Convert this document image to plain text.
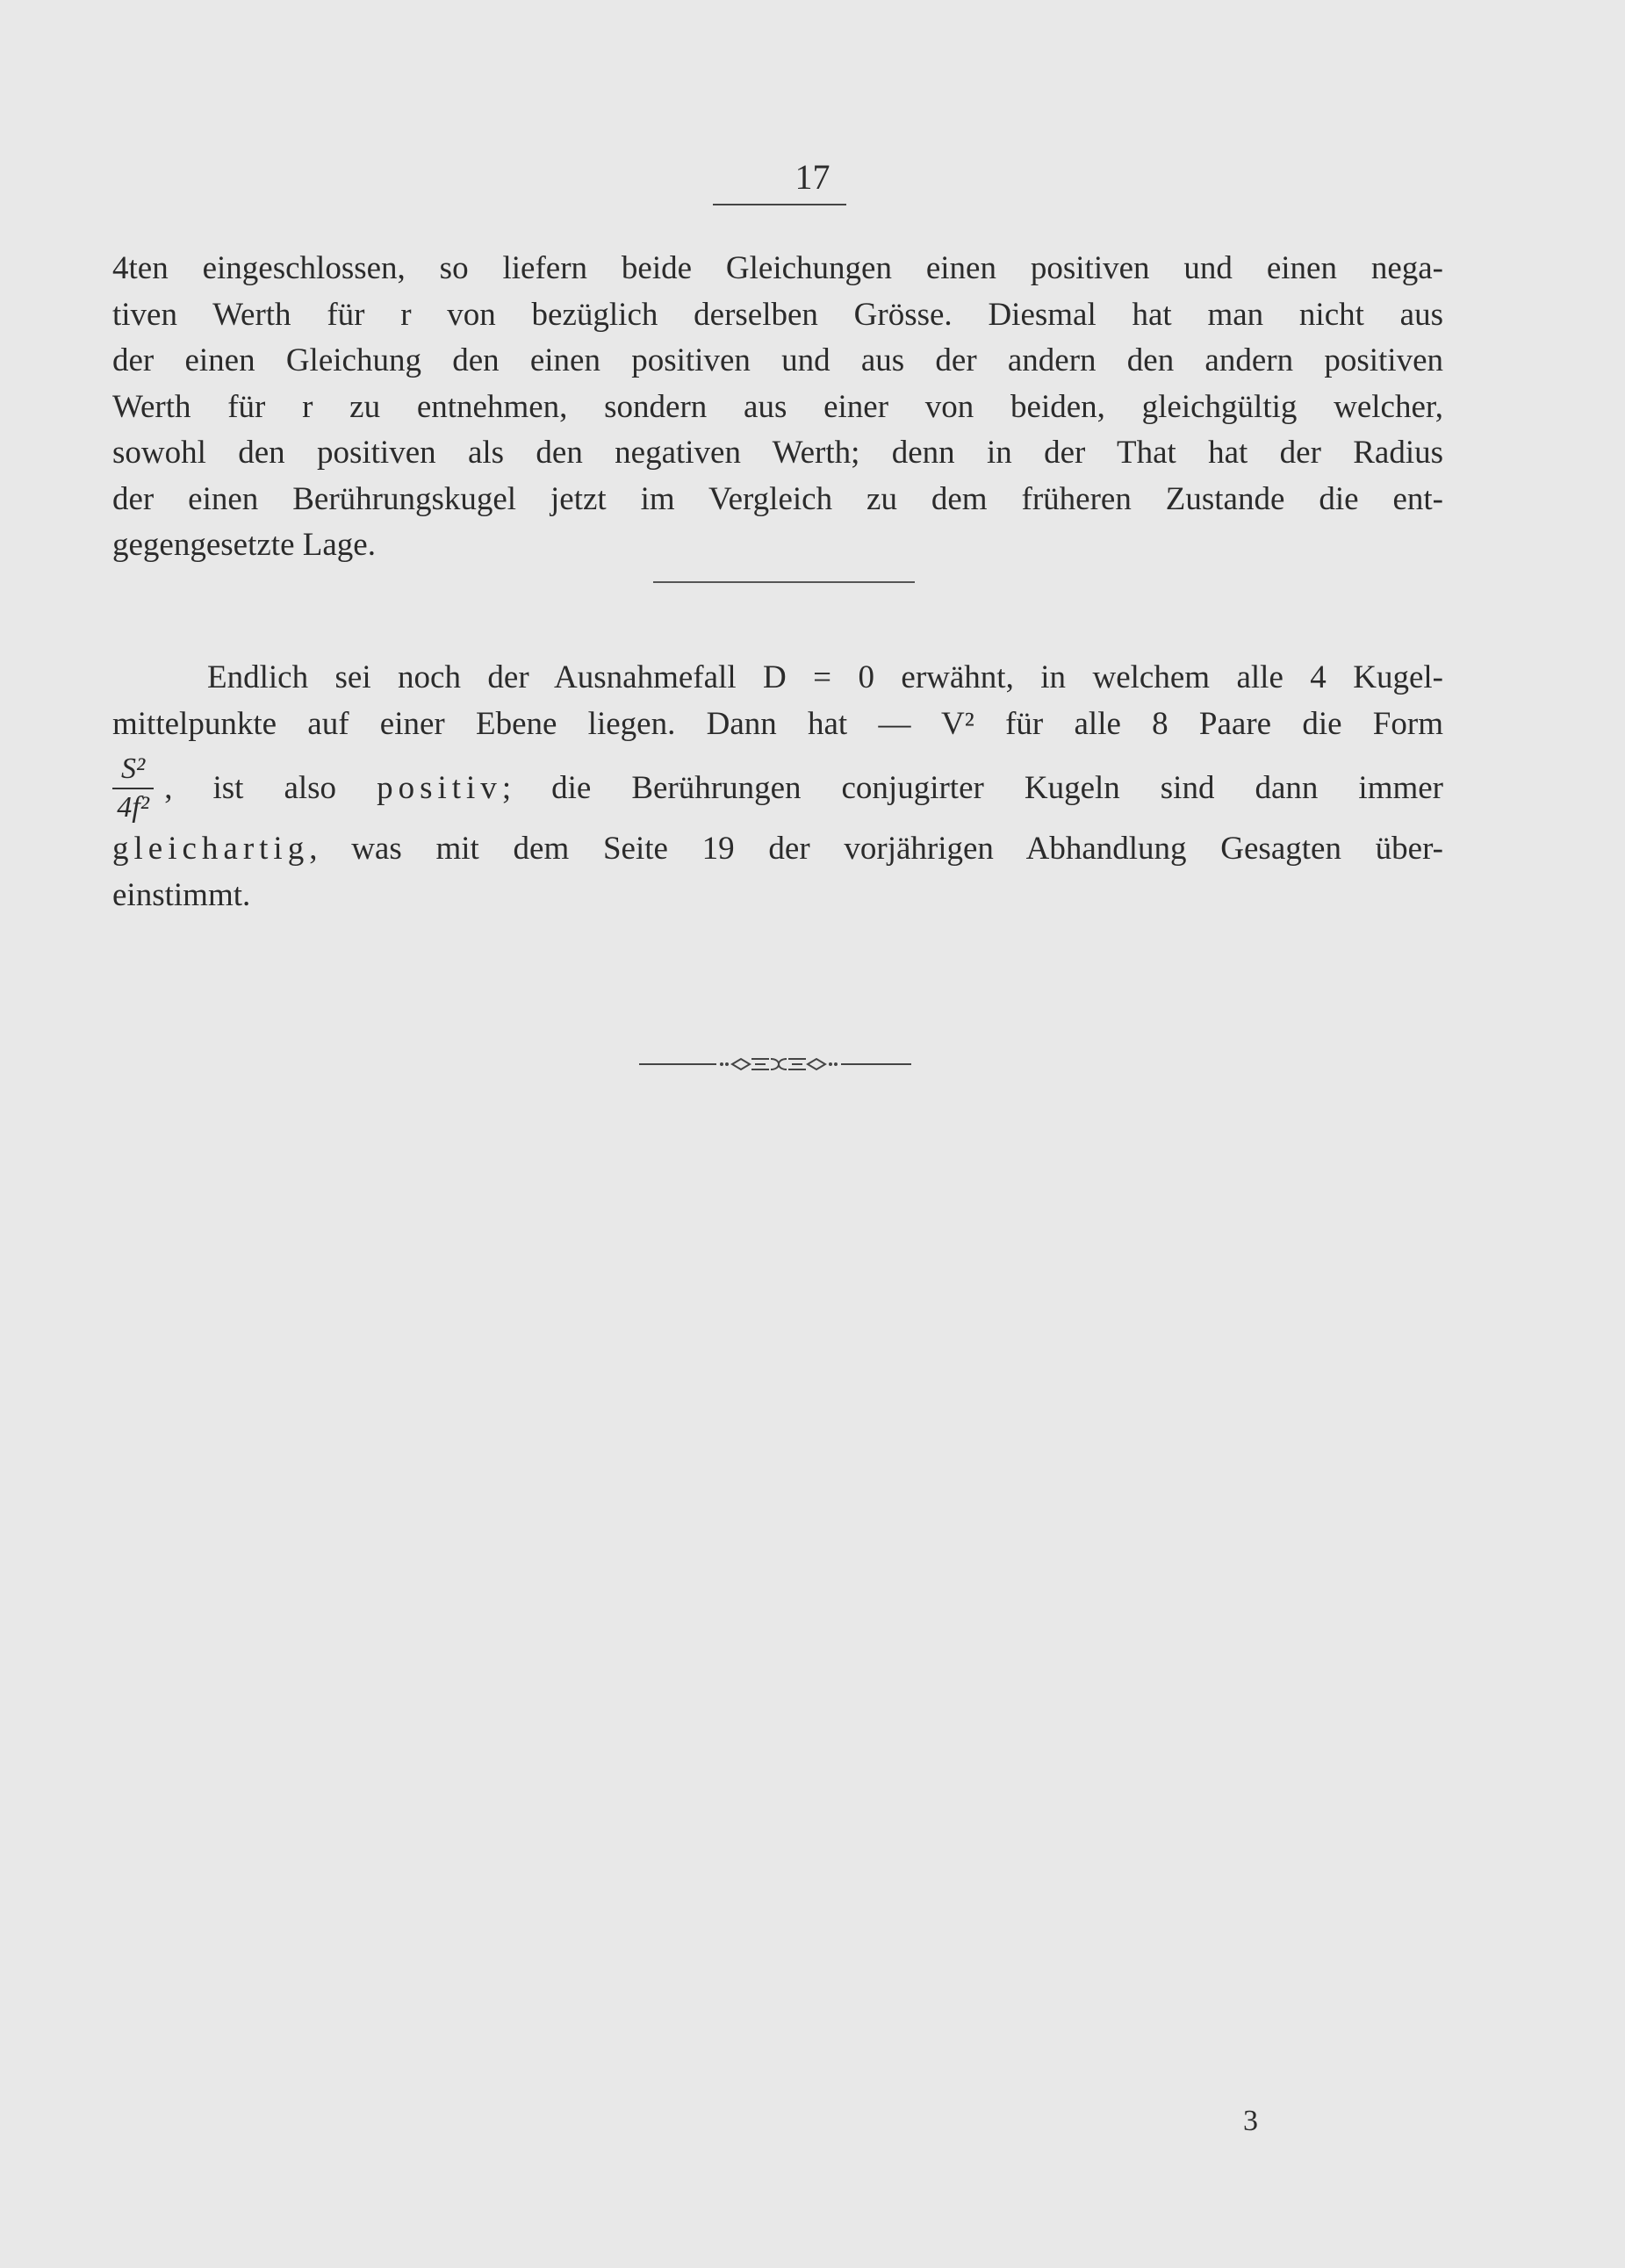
17
4ten eingeschlossen, so liefern beide Gleichungen einen positiven und einen nega-
tiven Werth für r von bezüglich derselben Grösse. Diesmal hat man nicht aus
der einen Gleichung den einen positiven und aus der andern den andern positiven
Werth für r zu entnehmen, sondern aus einer von beiden, gleichgültig welcher,
sowohl den positiven als den negativen Werth; denn in der That hat der Radius
der einen Berührungskugel jetzt im Vergleich zu dem früheren Zustande die ent-
gegengesetzte Lage.
Endlich sei noch der Ausnahmefall D = 0 erwähnt, in welchem alle 4 Kugel-
mittelpunkte auf einer Ebene liegen. Dann hat — V² für alle 8 Paare die Form
$\frac{\text{S²}}{\text{4f²}}$ , ist also positiv; die Berührungen conjugirter Kugeln sind dann immer
gleichartig, was mit dem Seite 19 der vorjährigen Abhandlung Gesagten über-
einstimmt.
3
